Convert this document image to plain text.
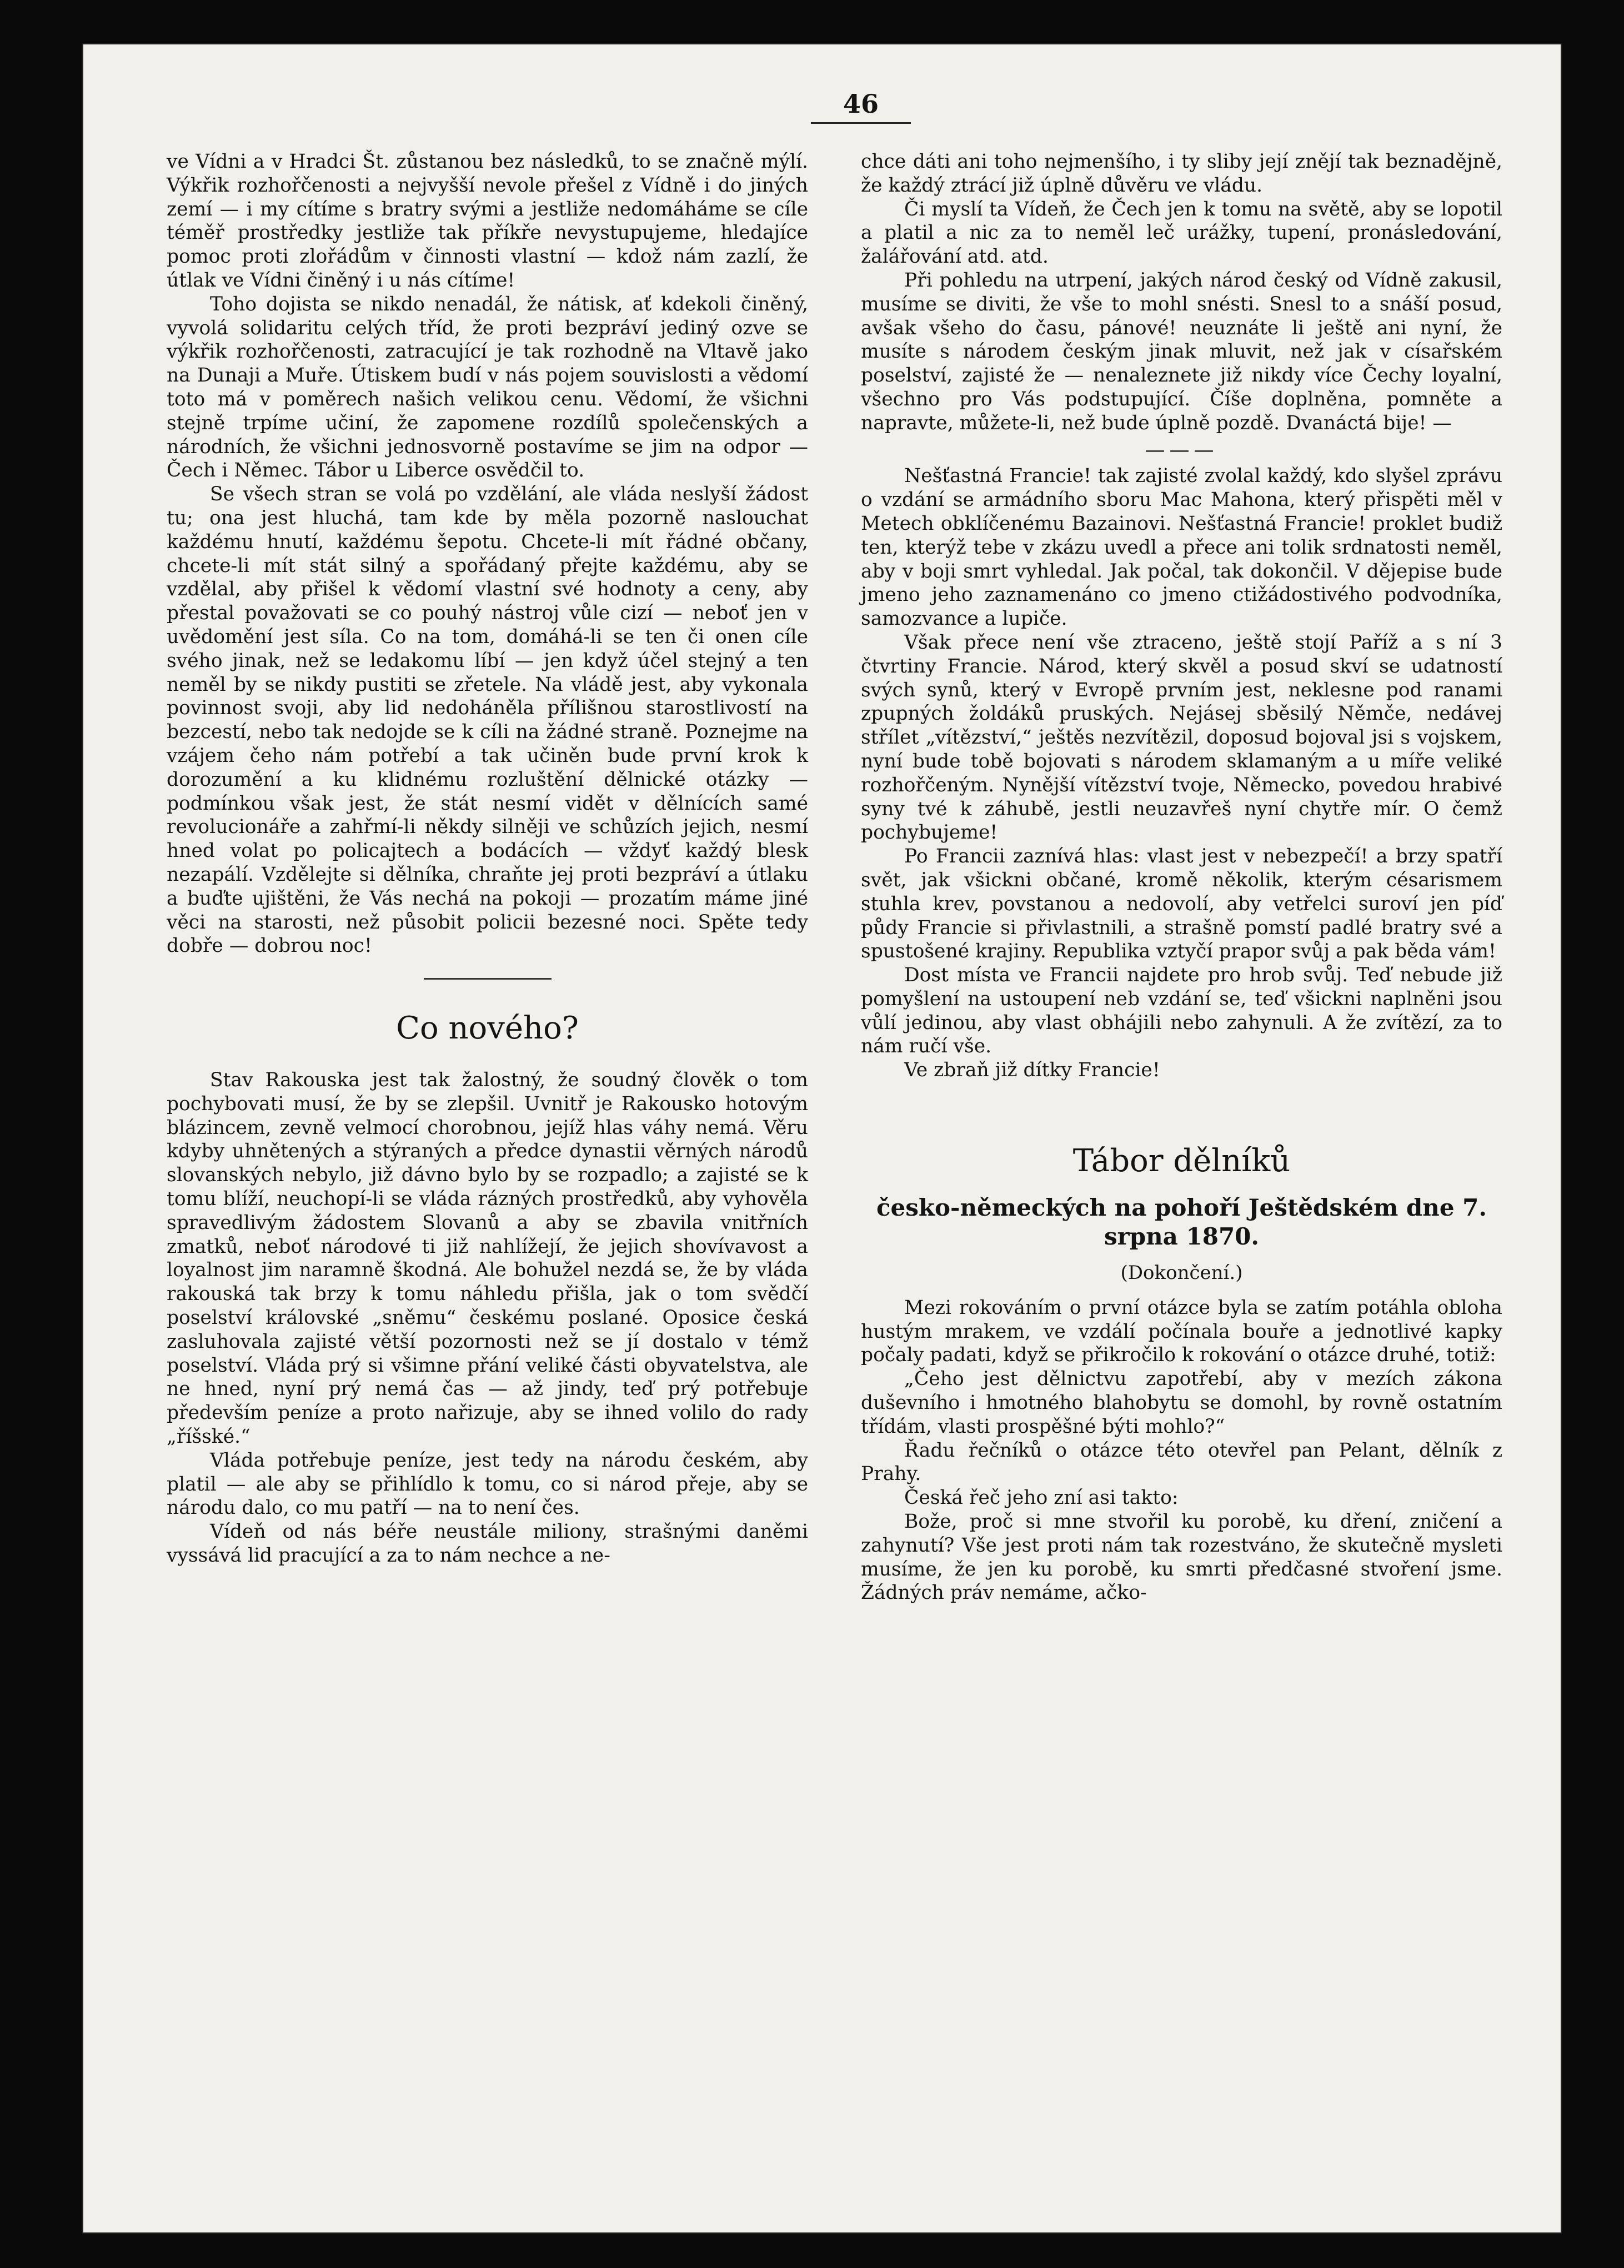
46

ve Vídni a v Hradci Št. zůstanou bez následků, to se značně mýlí. Výkřik rozhořčenosti a nejvyšší nevole přešel z Vídně i do jiných zemí — i my cítíme s bratry svými a jestliže nedomáháme se cíle téměř prostředky jestliže tak příkře nevystupujeme, hledajíce pomoc proti zlořádům v činnosti vlastní — kdož nám zazlí, že útlak ve Vídni činěný i u nás cítíme!

Toho dojista se nikdo nenadál, že nátisk, ať kdekoli činěný, vyvolá solidaritu celých tříd, že proti bezpráví jediný ozve se výkřik rozhořčenosti, zatracující je tak rozhodně na Vltavě jako na Dunaji a Muře. Útiskem budí v nás pojem souvislosti a vědomí toto má v poměrech našich velikou cenu. Vědomí, že všichni stejně trpíme učiní, že zapomene rozdílů společenských a národních, že všichni jednosvorně postavíme se jim na odpor — Čech i Němec. Tábor u Liberce osvědčil to.

Se všech stran se volá po vzdělání, ale vláda neslyší žádost tu; ona jest hluchá, tam kde by měla pozorně naslouchat každému hnutí, každému šepotu. Chcete-li mít řádné občany, chcete-li mít stát silný a spořádaný přejte každému, aby se vzdělal, aby přišel k vědomí vlastní své hodnoty a ceny, aby přestal považovati se co pouhý nástroj vůle cizí — neboť jen v uvědomění jest síla. Co na tom, domáhá-li se ten či onen cíle svého jinak, než se ledakomu líbí — jen když účel stejný a ten neměl by se nikdy pustiti se zřetele. Na vládě jest, aby vykonala povinnost svoji, aby lid nedoháněla přílišnou starostlivostí na bezcestí, nebo tak nedojde se k cíli na žádné straně. Poznejme na vzájem čeho nám potřebí a tak učiněn bude první krok k dorozumění a ku klidnému rozluštění dělnické otázky — podmínkou však jest, že stát nesmí vidět v dělnících samé revolucionáře a zahřmí-li někdy silněji ve schůzích jejich, nesmí hned volat po policajtech a bodácích — vždyť každý blesk nezapálí. Vzdělejte si dělníka, chraňte jej proti bezpráví a útlaku a buďte ujištěni, že Vás nechá na pokoji — prozatím máme jiné věci na starosti, než působit policii bezesné noci. Spěte tedy dobře — dobrou noc!

Co nového?

Stav Rakouska jest tak žalostný, že soudný člověk o tom pochybovati musí, že by se zlepšil. Uvnitř je Rakousko hotovým blázincem, zevně velmocí chorobnou, jejíž hlas váhy nemá. Věru kdyby uhnětených a stýraných a předce dynastii věrných národů slovanských nebylo, již dávno bylo by se rozpadlo; a zajisté se k tomu blíží, neuchopí-li se vláda rázných prostředků, aby vyhověla spravedlivým žádostem Slovanů a aby se zbavila vnitřních zmatků, neboť národové ti již nahlížejí, že jejich shovívavost a loyalnost jim naramně škodná. Ale bohužel nezdá se, že by vláda rakouská tak brzy k tomu náhledu přišla, jak o tom svědčí poselství královské „sněmu“ českému poslané. Oposice česká zasluhovala zajisté větší pozornosti než se jí dostalo v témž poselství. Vláda prý si všimne přání veliké části obyvatelstva, ale ne hned, nyní prý nemá čas — až jindy, teď prý potřebuje především peníze a proto nařizuje, aby se ihned volilo do rady „říšské.“

Vláda potřebuje peníze, jest tedy na národu českém, aby platil — ale aby se přihlídlo k tomu, co si národ přeje, aby se národu dalo, co mu patří — na to není čes.

Vídeň od nás béře neustále miliony, strašnými daněmi vyssává lid pracující a za to nám nechce a ne-

chce dáti ani toho nejmenšího, i ty sliby její znějí tak beznadějně, že každý ztrácí již úplně důvěru ve vládu.

Či myslí ta Vídeň, že Čech jen k tomu na světě, aby se lopotil a platil a nic za to neměl leč urážky, tupení, pronásledování, žalářování atd. atd.

Při pohledu na utrpení, jakých národ český od Vídně zakusil, musíme se diviti, že vše to mohl snésti. Snesl to a snáší posud, avšak všeho do času, pánové! neuznáte li ještě ani nyní, že musíte s národem českým jinak mluvit, než jak v císařském poselství, zajisté že — nenaleznete již nikdy více Čechy loyalní, všechno pro Vás podstupující. Číše doplněna, pomněte a napravte, můžete-li, než bude úplně pozdě. Dvanáctá bije! —

———

Nešťastná Francie! tak zajisté zvolal každý, kdo slyšel zprávu o vzdání se armádního sboru Mac Mahona, který přispěti měl v Metech obklíčenému Bazainovi. Nešťastná Francie! proklet budiž ten, kterýž tebe v zkázu uvedl a přece ani tolik srdnatosti neměl, aby v boji smrt vyhledal. Jak počal, tak dokončil. V dějepise bude jmeno jeho zaznamenáno co jmeno ctižádostivého podvodníka, samozvance a lupiče.

Však přece není vše ztraceno, ještě stojí Paříž a s ní 3 čtvrtiny Francie. Národ, který skvěl a posud skví se udatností svých synů, který v Evropě prvním jest, neklesne pod ranami zpupných žoldáků pruských. Nejásej sběsilý Němče, nedávej střílet „vítězství,“ ještěs nezvítězil, doposud bojoval jsi s vojskem, nyní bude tobě bojovati s národem sklamaným a u míře veliké rozhořčeným. Nynější vítězství tvoje, Německo, povedou hrabivé syny tvé k záhubě, jestli neuzavřeš nyní chytře mír. O čemž pochybujeme!

Po Francii zaznívá hlas: vlast jest v nebezpečí! a brzy spatří svět, jak všickni občané, kromě několik, kterým césarismem stuhla krev, povstanou a nedovolí, aby vetřelci suroví jen píď půdy Francie si přivlastnili, a strašně pomstí padlé bratry své a spustošené krajiny. Republika vztyčí prapor svůj a pak běda vám!

Dost místa ve Francii najdete pro hrob svůj. Teď nebude již pomyšlení na ustoupení neb vzdání se, teď všickni naplněni jsou vůlí jedinou, aby vlast obhájili nebo zahynuli. A že zvítězí, za to nám ručí vše.

Ve zbraň již dítky Francie!

Tábor dělníků
česko-německých na pohoří Ještědském dne 7. srpna 1870.
(Dokončení.)

Mezi rokováním o první otázce byla se zatím potáhla obloha hustým mrakem, ve vzdálí počínala bouře a jednotlivé kapky počaly padati, když se přikročilo k rokování o otázce druhé, totiž:

„Čeho jest dělnictvu zapotřebí, aby v mezích zákona duševního i hmotného blahobytu se domohl, by rovně ostatním třídám, vlasti prospěšné býti mohlo?“

Řadu řečníků o otázce této otevřel pan Pelant, dělník z Prahy.

Česká řeč jeho zní asi takto:

Bože, proč si mne stvořil ku porobě, ku dření, zničení a zahynutí? Vše jest proti nám tak rozestváno, že skutečně mysleti musíme, že jen ku porobě, ku smrti předčasné stvoření jsme. Žádných práv nemáme, ačko-
